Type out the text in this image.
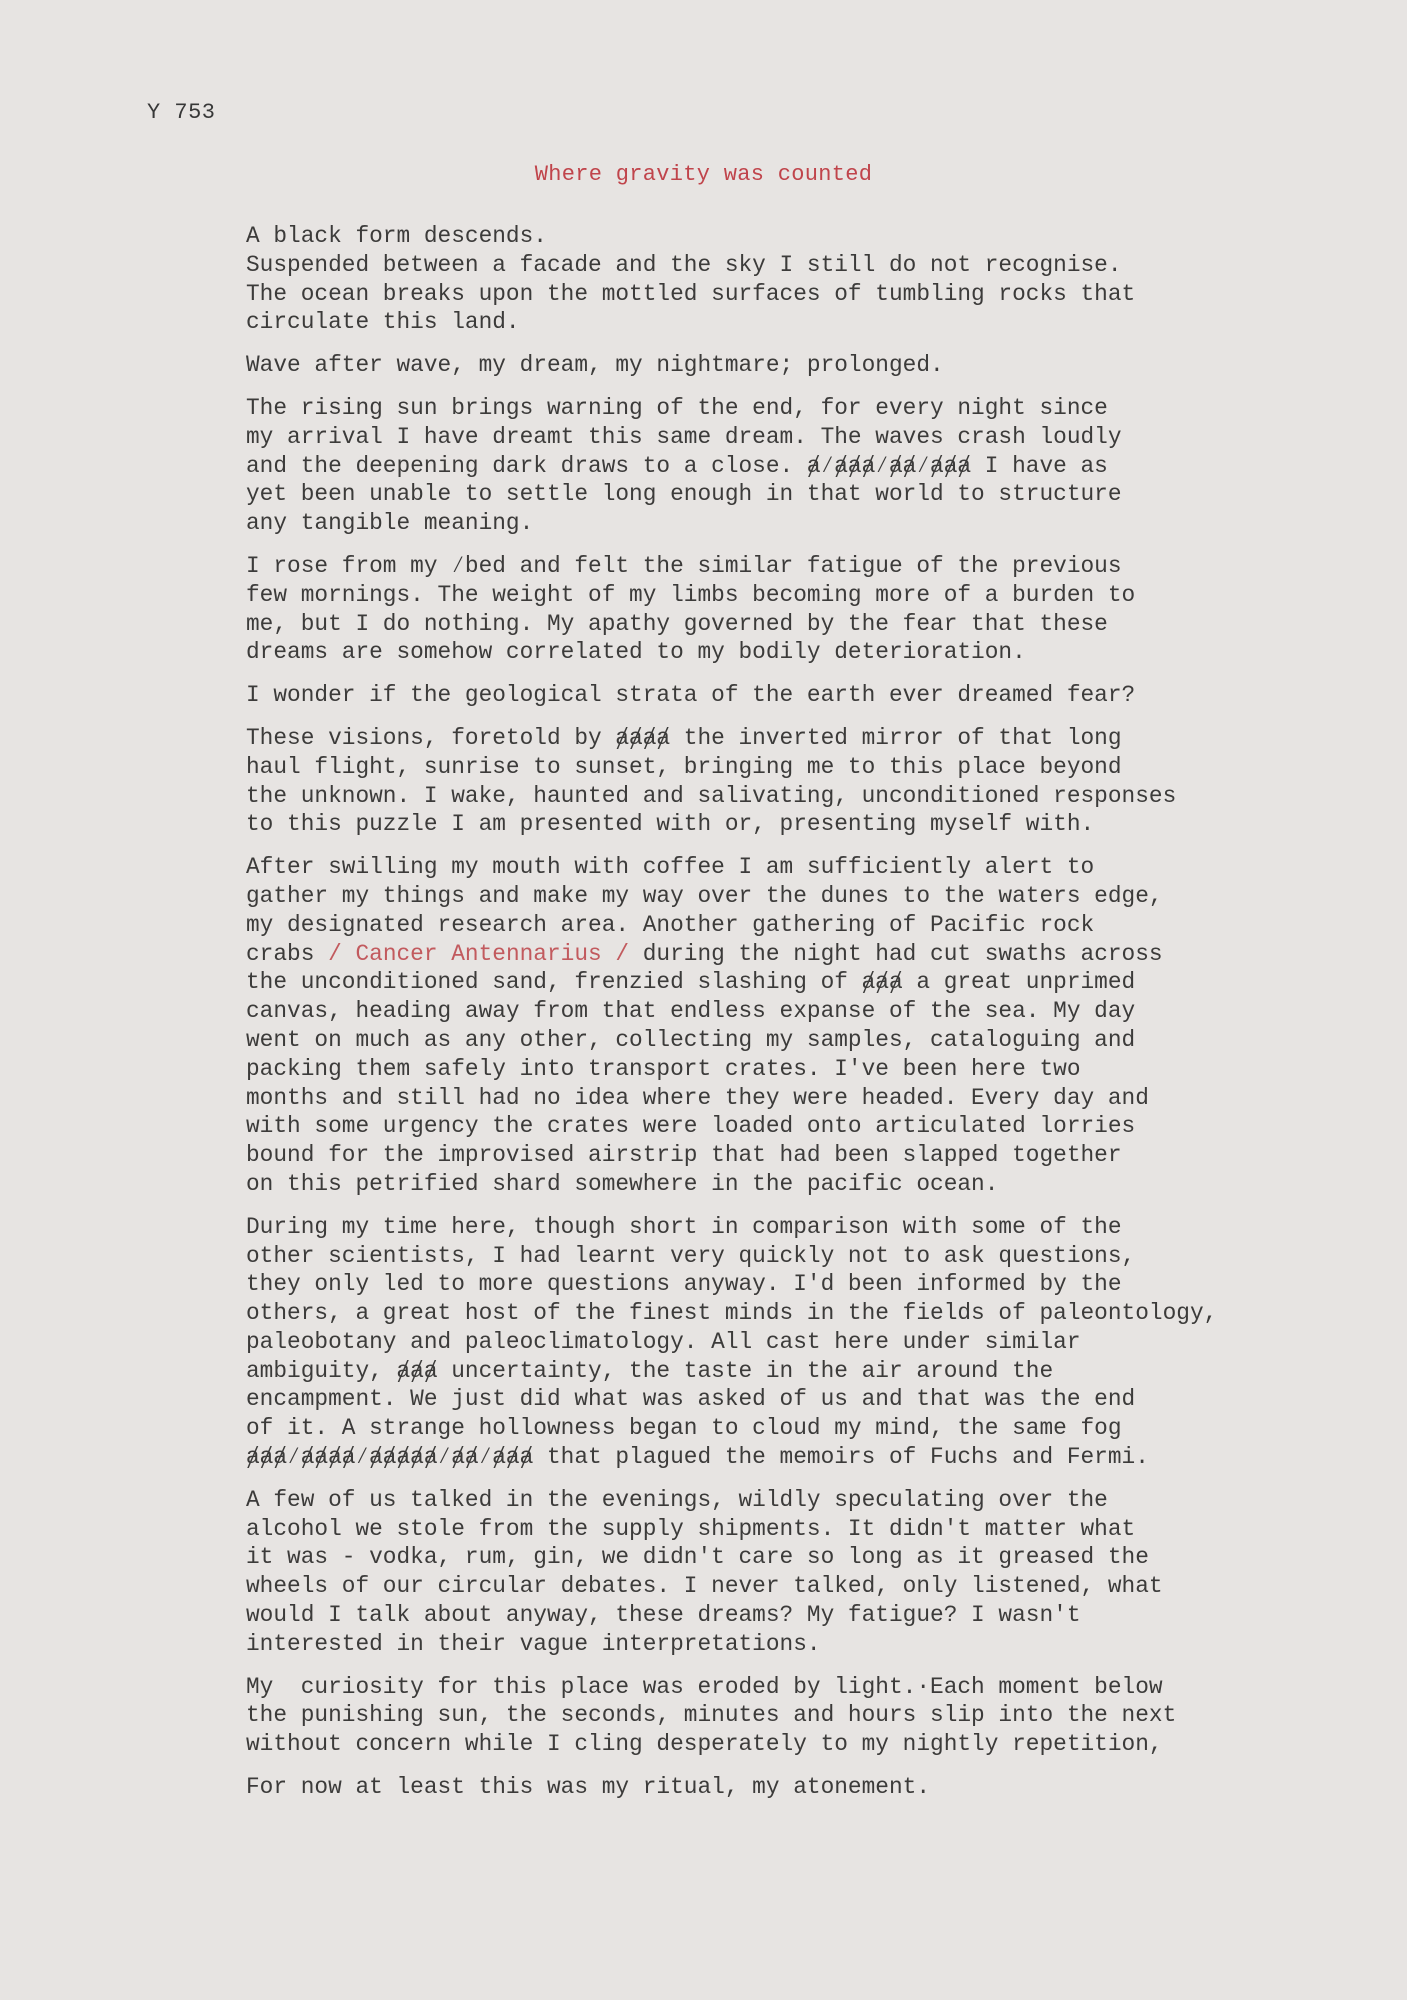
Y 753
Where gravity was counted
A black form descends.
Suspended between a facade and the sky I still do not recognise.
The ocean breaks upon the mottled surfaces of tumbling rocks that
circulate this land.
Wave after wave, my dream, my nightmare; prolonged.
The rising sun brings warning of the end, for every night since
my arrival I have dreamt this same dream. The waves crash loudly
and the deepening dark draws to a close. ⱥ⁄ⱥⱥⱥ⁄ⱥⱥ⁄ⱥⱥⱥ I have as
yet been unable to settle long enough in that world to structure
any tangible meaning.
I rose from my ⁄bed and felt the similar fatigue of the previous
few mornings. The weight of my limbs becoming more of a burden to
me, but I do nothing. My apathy governed by the fear that these
dreams are somehow correlated to my bodily deterioration.
I wonder if the geological strata of the earth ever dreamed fear?
These visions, foretold by ⱥⱥⱥⱥ the inverted mirror of that long
haul flight, sunrise to sunset, bringing me to this place beyond
the unknown. I wake, haunted and salivating, unconditioned responses
to this puzzle I am presented with or, presenting myself with.
After swilling my mouth with coffee I am sufficiently alert to
gather my things and make my way over the dunes to the waters edge,
my designated research area. Another gathering of Pacific rock
crabs / Cancer Antennarius / during the night had cut swaths across
the unconditioned sand, frenzied slashing of ⱥⱥⱥ a great unprimed
canvas, heading away from that endless expanse of the sea. My day
went on much as any other, collecting my samples, cataloguing and
packing them safely into transport crates. I've been here two
months and still had no idea where they were headed. Every day and
with some urgency the crates were loaded onto articulated lorries
bound for the improvised airstrip that had been slapped together
on this petrified shard somewhere in the pacific ocean.
During my time here, though short in comparison with some of the
other scientists, I had learnt very quickly not to ask questions,
they only led to more questions anyway. I'd been informed by the
others, a great host of the finest minds in the fields of paleontology,
paleobotany and paleoclimatology. All cast here under similar
ambiguity, ⱥⱥⱥ uncertainty, the taste in the air around the
encampment. We just did what was asked of us and that was the end
of it. A strange hollowness began to cloud my mind, the same fog
ⱥⱥⱥ⁄ⱥⱥⱥⱥ⁄ⱥⱥⱥⱥⱥ⁄ⱥⱥ⁄ⱥⱥⱥ that plagued the memoirs of Fuchs and Fermi.
A few of us talked in the evenings, wildly speculating over the
alcohol we stole from the supply shipments. It didn't matter what
it was - vodka, rum, gin, we didn't care so long as it greased the
wheels of our circular debates. I never talked, only listened, what
would I talk about anyway, these dreams? My fatigue? I wasn't
interested in their vague interpretations.
My  curiosity for this place was eroded by light.·Each moment below
the punishing sun, the seconds, minutes and hours slip into the next
without concern while I cling desperately to my nightly repetition,
For now at least this was my ritual, my atonement.
